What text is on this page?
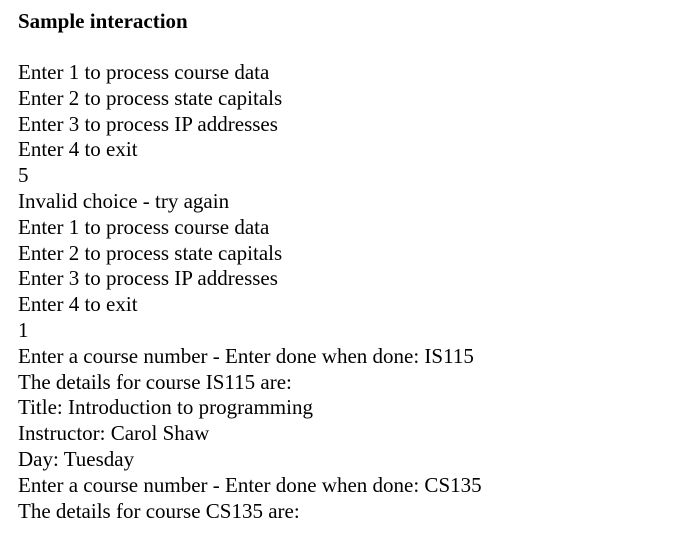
Sample interaction
Enter 1 to process course data
Enter 2 to process state capitals
Enter 3 to process IP addresses
Enter 4 to exit
5
Invalid choice - try again
Enter 1 to process course data
Enter 2 to process state capitals
Enter 3 to process IP addresses
Enter 4 to exit
1
Enter a course number - Enter done when done: IS115
The details for course IS115 are:
Title: Introduction to programming
Instructor: Carol Shaw
Day: Tuesday
Enter a course number - Enter done when done: CS135
The details for course CS135 are:
